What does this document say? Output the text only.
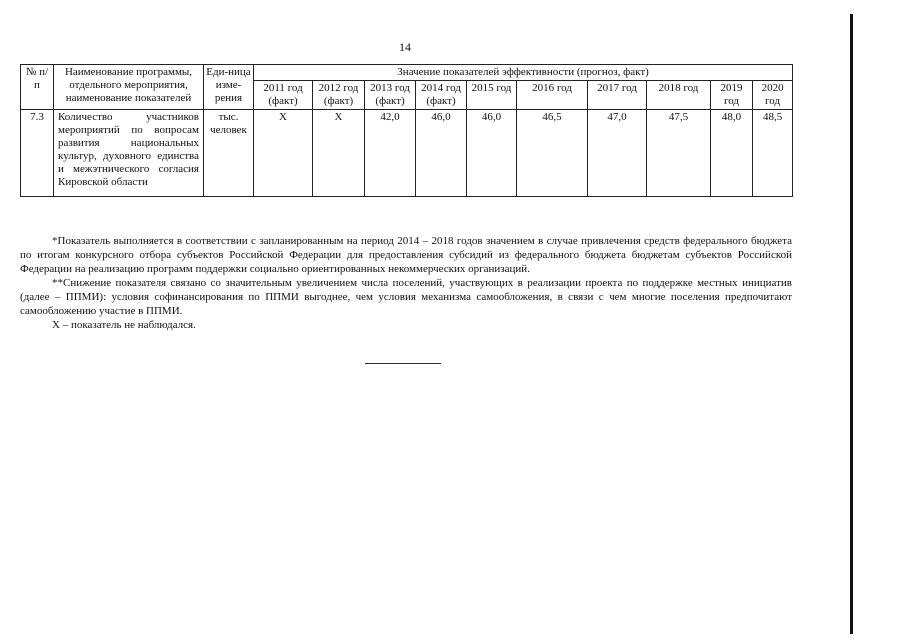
14
№ п/п	Наименование программы, отдельного мероприятия, наименование показателей	Еди-ница изме-рения	Значение показателей эффективности (прогноз, факт)									
			2011 год (факт)	2012 год (факт)	2013 год (факт)	2014 год (факт)	2015 год	2016 год	2017 год	2018 год	2019 год	2020 год
7.3	Количество участников мероприятий по вопросам развития национальных культур, духовного единства и межэтнического согласия Кировской области	тыс. человек	X	X	42,0	46,0	46,0	46,5	47,0	47,5	48,0	48,5

*Показатель выполняется в соответствии с запланированным на период 2014 – 2018 годов значением в случае привлечения средств федерального бюджета по итогам конкурсного отбора субъектов Российской Федерации для предоставления субсидий из федерального бюджета бюджетам субъектов Российской Федерации на реализацию программ поддержки социально ориентированных некоммерческих организаций.

**Снижение показателя связано со значительным увеличением числа поселений, участвующих в реализации проекта по поддержке местных инициатив (далее – ППМИ): условия софинансирования по ППМИ выгоднее, чем условия механизма самообложения, в связи с чем многие поселения предпочитают самообложению участие в ППМИ.

Х – показатель не наблюдался.
